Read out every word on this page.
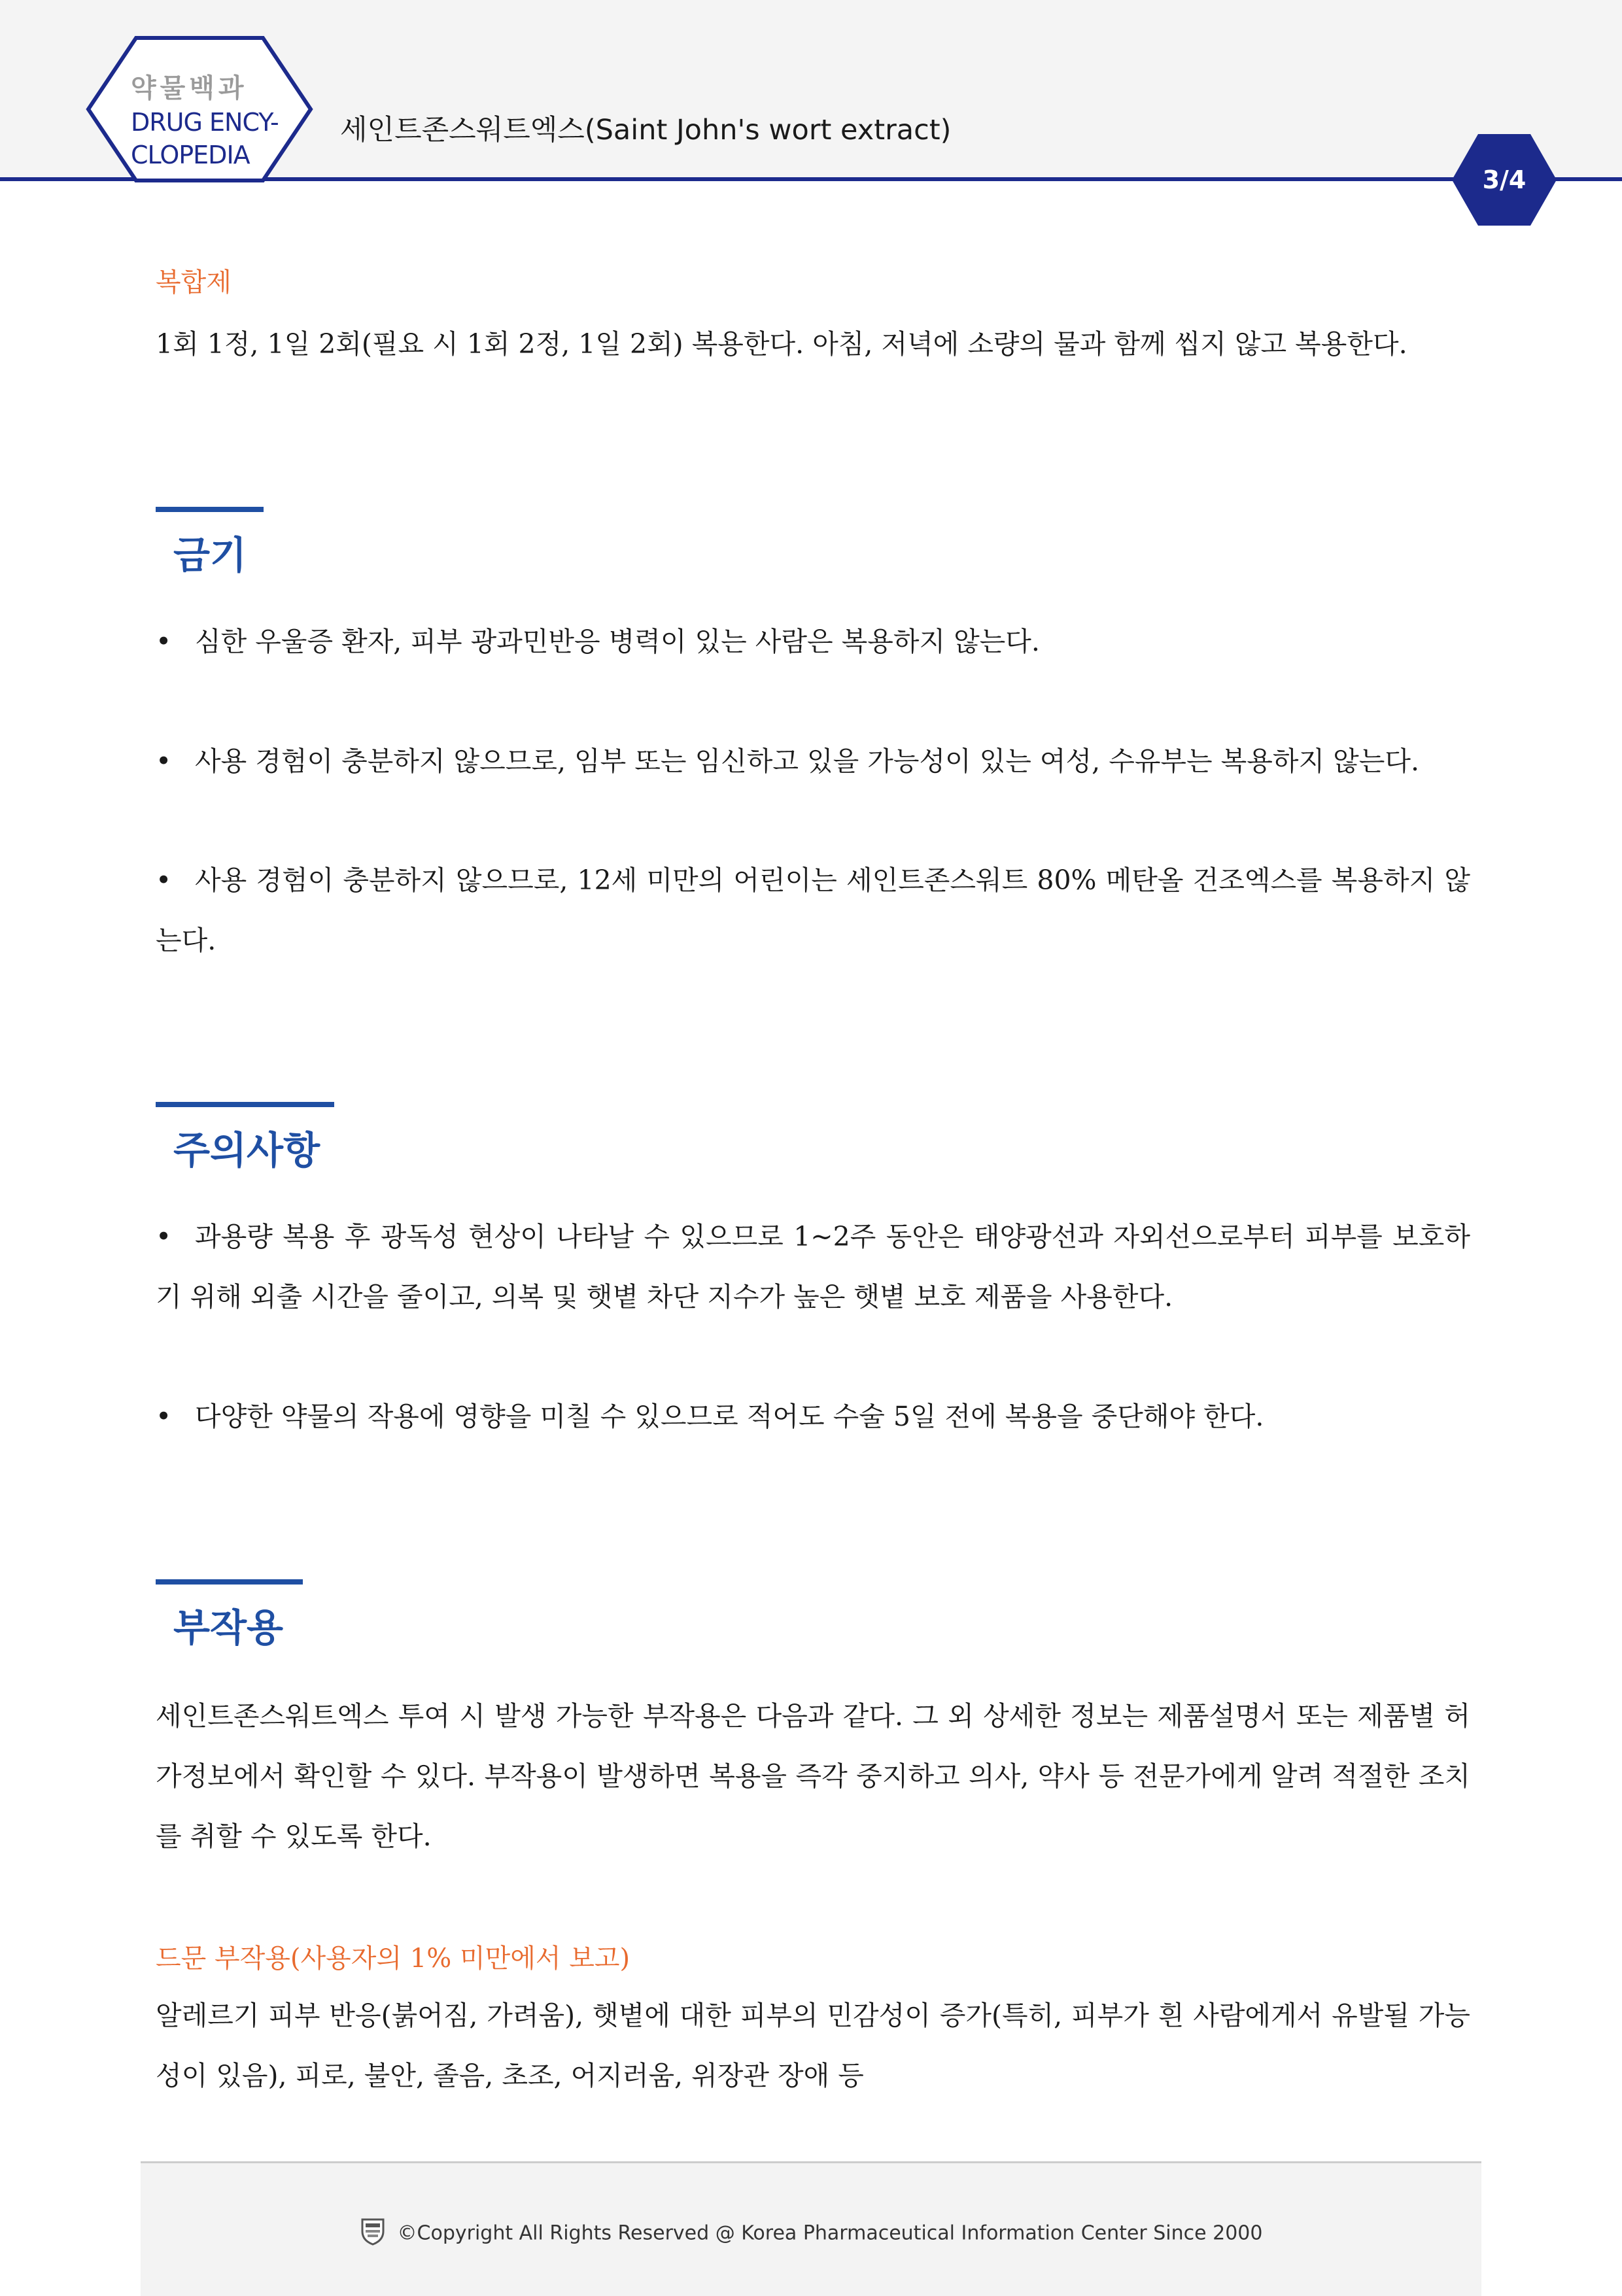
약물백과
DRUG ENCY-
CLOPEDIA
세인트존스워트엑스(Saint John's wort extract)
3/4
복합제
1회 1정, 1일 2회(필요 시 1회 2정, 1일 2회) 복용한다. 아침, 저녁에 소량의 물과 함께 씹지 않고 복용한다.
금기
• 심한 우울증 환자, 피부 광과민반응 병력이 있는 사람은 복용하지 않는다.
• 사용 경험이 충분하지 않으므로, 임부 또는 임신하고 있을 가능성이 있는 여성, 수유부는 복용하지 않는다.
• 사용 경험이 충분하지 않으므로, 12세 미만의 어린이는 세인트존스워트 80% 메탄올 건조엑스를 복용하지 않는다.
주의사항
• 과용량 복용 후 광독성 현상이 나타날 수 있으므로 1~2주 동안은 태양광선과 자외선으로부터 피부를 보호하기 위해 외출 시간을 줄이고, 의복 및 햇볕 차단 지수가 높은 햇볕 보호 제품을 사용한다.
• 다양한 약물의 작용에 영향을 미칠 수 있으므로 적어도 수술 5일 전에 복용을 중단해야 한다.
부작용
세인트존스워트엑스 투여 시 발생 가능한 부작용은 다음과 같다. 그 외 상세한 정보는 제품설명서 또는 제품별 허가정보에서 확인할 수 있다. 부작용이 발생하면 복용을 즉각 중지하고 의사, 약사 등 전문가에게 알려 적절한 조치를 취할 수 있도록 한다.
드문 부작용(사용자의 1% 미만에서 보고)
알레르기 피부 반응(붉어짐, 가려움), 햇볕에 대한 피부의 민감성이 증가(특히, 피부가 흰 사람에게서 유발될 가능성이 있음), 피로, 불안, 졸음, 초조, 어지러움, 위장관 장애 등
©Copyright All Rights Reserved @ Korea Pharmaceutical Information Center Since 2000
